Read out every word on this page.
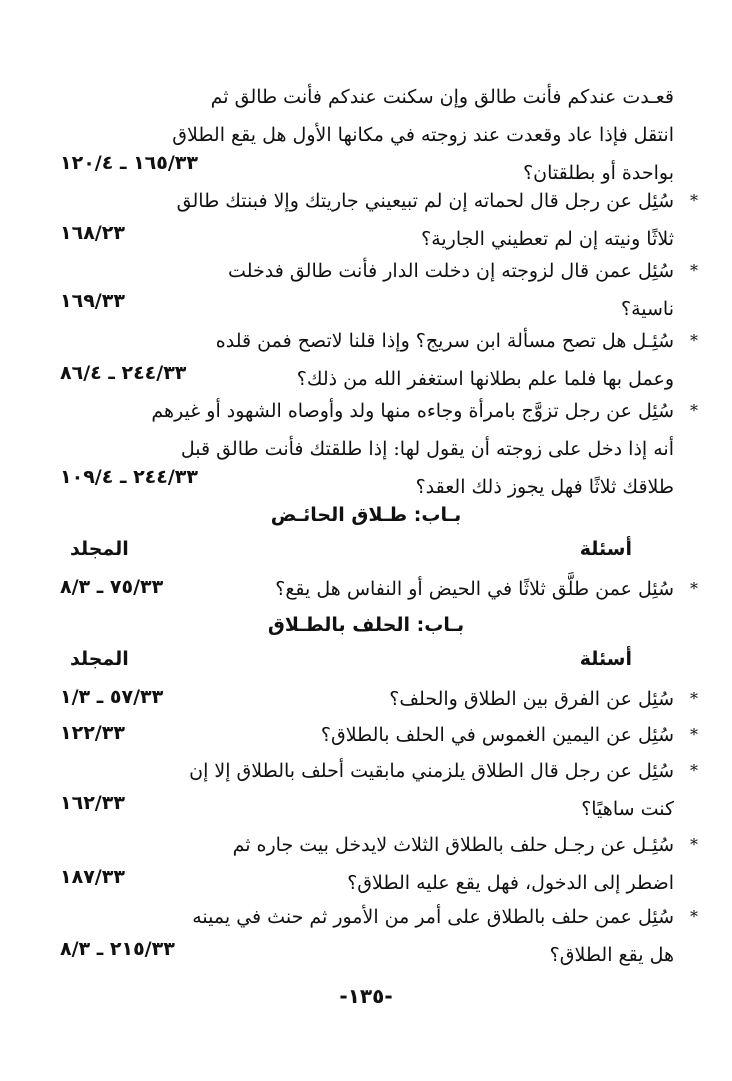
قعـدت عندكم فأنت طالق وإن سكنت عندكم فأنت طالق ثم
انتقل فإذا عاد وقعدت عند زوجته في مكانها الأول هل يقع الطلاق
بواحدة أو بطلقتان؟
١٦٥/٣٣ ـ ١٢٠/٤
*
سُئِل عن رجل قال لحماته إن لم تبيعيني جاريتك وإلا فبنتك طالق
ثلاثًا ونيته إن لم تعطيني الجارية؟
١٦٨/٢٣
*
سُئِل عمن قال لزوجته إن دخلت الدار فأنت طالق فدخلت
ناسية؟
١٦٩/٣٣
*
سُئِـل هل تصح مسألة ابن سريج؟ وإذا قلنا لاتصح فمن قلده
وعمل بها فلما علم بطلانها استغفر الله من ذلك؟
٢٤٤/٣٣ ـ ٨٦/٤
*
سُئِل عن رجل تزوَّج بامرأة وجاءه منها ولد وأوصاه الشهود أو غيرهم
أنه إذا دخل على زوجته أن يقول لها: إذا طلقتك فأنت طالق قبل
طلاقك ثلاثًا فهل يجوز ذلك العقد؟
٢٤٤/٣٣ ـ ١٠٩/٤
بـاب: طـلاق الحائـض
أسئلة
المجلد
*
سُئِل عمن طلَّق ثلاثًا في الحيض أو النفاس هل يقع؟
٧٥/٣٣ ـ ٨/٣
بـاب: الحلف بالطـلاق
أسئلة
المجلد
*
سُئِل عن الفرق بين الطلاق والحلف؟
٥٧/٣٣ ـ ١/٣
*
سُئِل عن اليمين الغموس في الحلف بالطلاق؟
١٢٢/٣٣
*
سُئِل عن رجل قال الطلاق يلزمني مابقيت أحلف بالطلاق إلا إن
كنت ساهيًا؟
١٦٢/٣٣
*
سُئِـل عن رجـل حلف بالطلاق الثلاث لايدخل بيت جاره ثم
اضطر إلى الدخول، فهل يقع عليه الطلاق؟
١٨٧/٣٣
*
سُئِل عمن حلف بالطلاق على أمر من الأمور ثم حنث في يمينه
هل يقع الطلاق؟
٢١٥/٣٣ ـ ٨/٣
-١٣٥-
